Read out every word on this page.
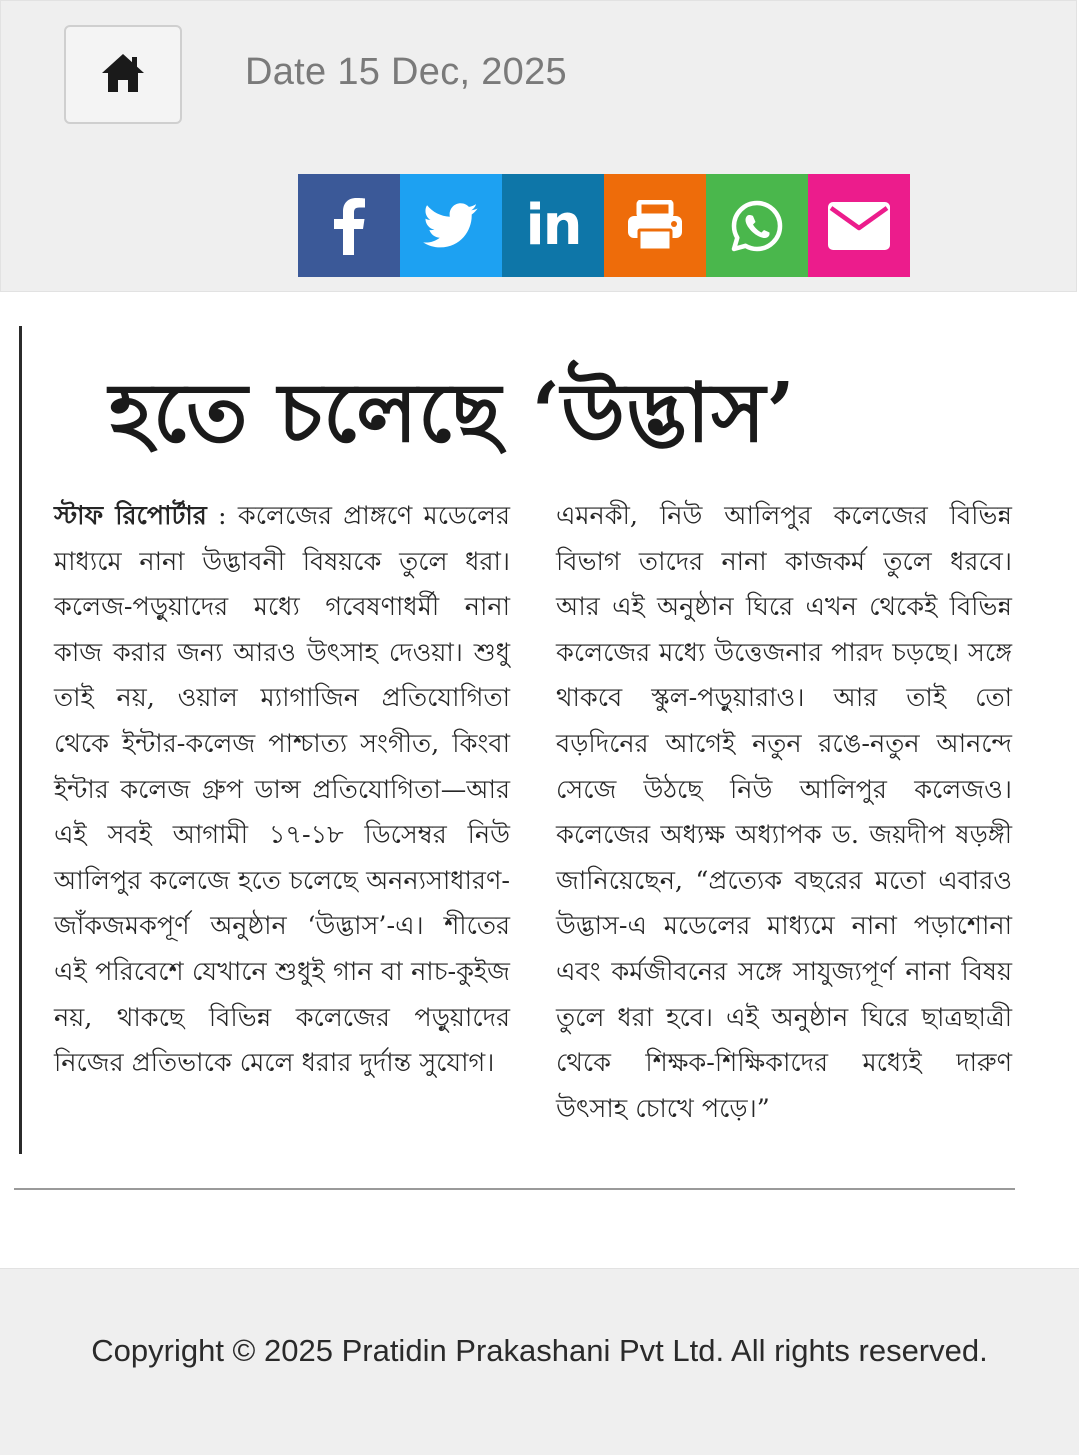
Date 15 Dec, 2025
in
হতে চলেছে ‘উদ্ভাস’
স্টাফ রিপোর্টার : কলেজের প্রাঙ্গণে মডেলের মাধ্যমে নানা উদ্ভাবনী বিষয়কে তুলে ধরা। কলেজ-পড়ুয়াদের মধ্যে গবেষণাধর্মী নানা কাজ করার জন্য আরও উৎসাহ দেওয়া। শুধু তাই নয়, ওয়াল ম্যাগাজিন প্রতিযোগিতা থেকে ইন্টার-কলেজ পাশ্চাত্য সংগীত, কিংবা ইন্টার কলেজ গ্রুপ ডান্স প্রতিযোগিতা—আর এই সবই আগামী ১৭-১৮ ডিসেম্বর নিউ আলিপুর কলেজে হতে চলেছে অনন্যসাধারণ-জাঁকজমকপূর্ণ অনুষ্ঠান ‘উদ্ভাস’-এ। শীতের এই পরিবেশে যেখানে শুধুই গান বা নাচ-কুইজ নয়, থাকছে বিভিন্ন কলেজের পড়ুয়াদের নিজের প্রতিভাকে মেলে ধরার দুর্দান্ত সুযোগ।
এমনকী, নিউ আলিপুর কলেজের বিভিন্ন বিভাগ তাদের নানা কাজকর্ম তুলে ধরবে। আর এই অনুষ্ঠান ঘিরে এখন থেকেই বিভিন্ন কলেজের মধ্যে উত্তেজনার পারদ চড়ছে। সঙ্গে থাকবে স্কুল-পড়ুয়ারাও। আর তাই তো বড়দিনের আগেই নতুন রঙে-নতুন আনন্দে সেজে উঠছে নিউ আলিপুর কলেজও। কলেজের অধ্যক্ষ অধ্যাপক ড. জয়দীপ ষড়ঙ্গী জানিয়েছেন, “প্রত্যেক বছরের মতো এবারও উদ্ভাস-এ মডেলের মাধ্যমে নানা পড়াশোনা এবং কর্মজীবনের সঙ্গে সাযুজ্যপূর্ণ নানা বিষয় তুলে ধরা হবে। এই অনুষ্ঠান ঘিরে ছাত্রছাত্রী থেকে শিক্ষক-শিক্ষিকাদের মধ্যেই দারুণ উৎসাহ চোখে পড়ে।”
Copyright © 2025 Pratidin Prakashani Pvt Ltd. All rights reserved.
